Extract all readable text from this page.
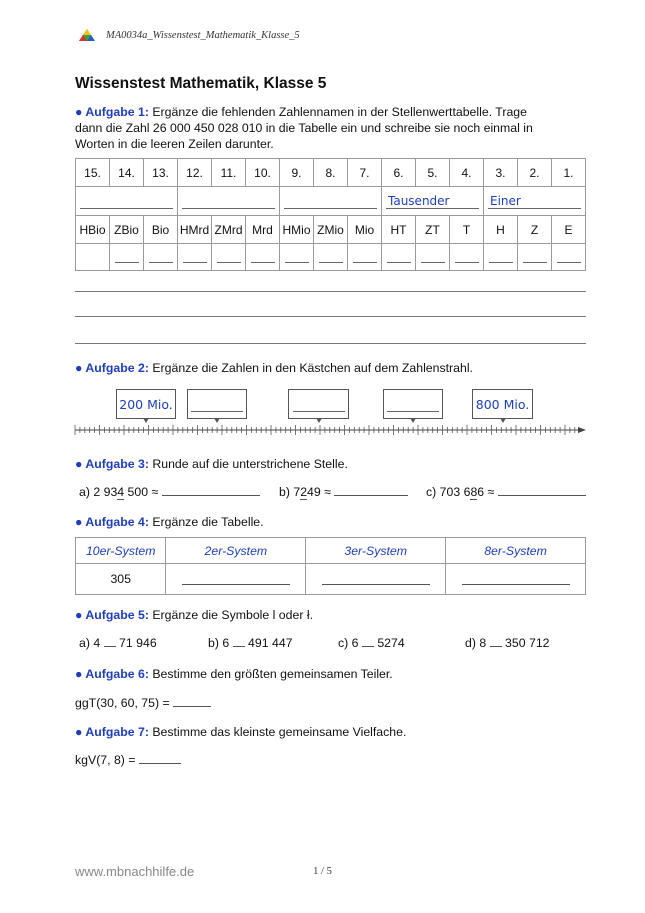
MA0034a_Wissenstest_Mathematik_Klasse_5
Wissenstest Mathematik, Klasse 5
● Aufgabe 1: Ergänze die fehlenden Zahlennamen in der Stellenwerttabelle. Trage
dann die Zahl 26 000 450 028 010 in die Tabelle ein und schreibe sie noch einmal in
Worten in die leeren Zeilen darunter.
15.	14.	13.	12.	11.	10.	9.	8.	7.	6.	5.	4.	3.	2.	1.

									Tausender			Einer		

HBio	ZBio	Bio	HMrd	ZMrd	Mrd	HMio	ZMio	Mio	HT	ZT	T	H	Z	E

● Aufgabe 2: Ergänze die Zahlen in den Kästchen auf dem Zahlenstrahl.
200 Mio.	800 Mio.
● Aufgabe 3: Runde auf die unterstrichene Stelle.
a) 2 934 500 ≈	b) 7249 ≈	c) 703 686 ≈
● Aufgabe 4: Ergänze die Tabelle.
10er-System	2er-System	3er-System	8er-System
305			
● Aufgabe 5: Ergänze die Symbole l oder ł.
a) 4 71 946	b) 6 491 447	c) 6 5274	d) 8 350 712
● Aufgabe 6: Bestimme den größten gemeinsamen Teiler.
ggT(30, 60, 75) =
● Aufgabe 7: Bestimme das kleinste gemeinsame Vielfache.
kgV(7, 8) =
www.mbnachhilfe.de	1 / 5
